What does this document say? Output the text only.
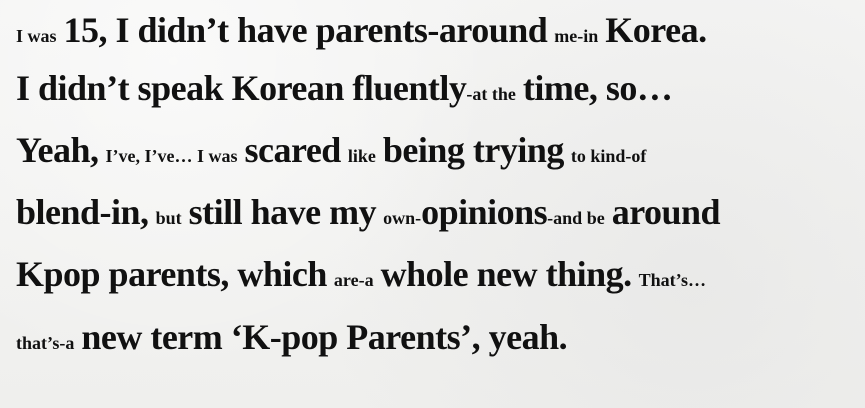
I was 15, I didn’t have parents-around me-in Korea.
I didn’t speak Korean fluently -at the time, so…
Yeah, I’ve, I’ve… I was scared like being trying to kind-of
blend-in, but still have my own- opinions -and be around
Kpop parents, which are-a whole new thing. That’s…
that’s-a new term ‘K-pop Parents’, yeah.
